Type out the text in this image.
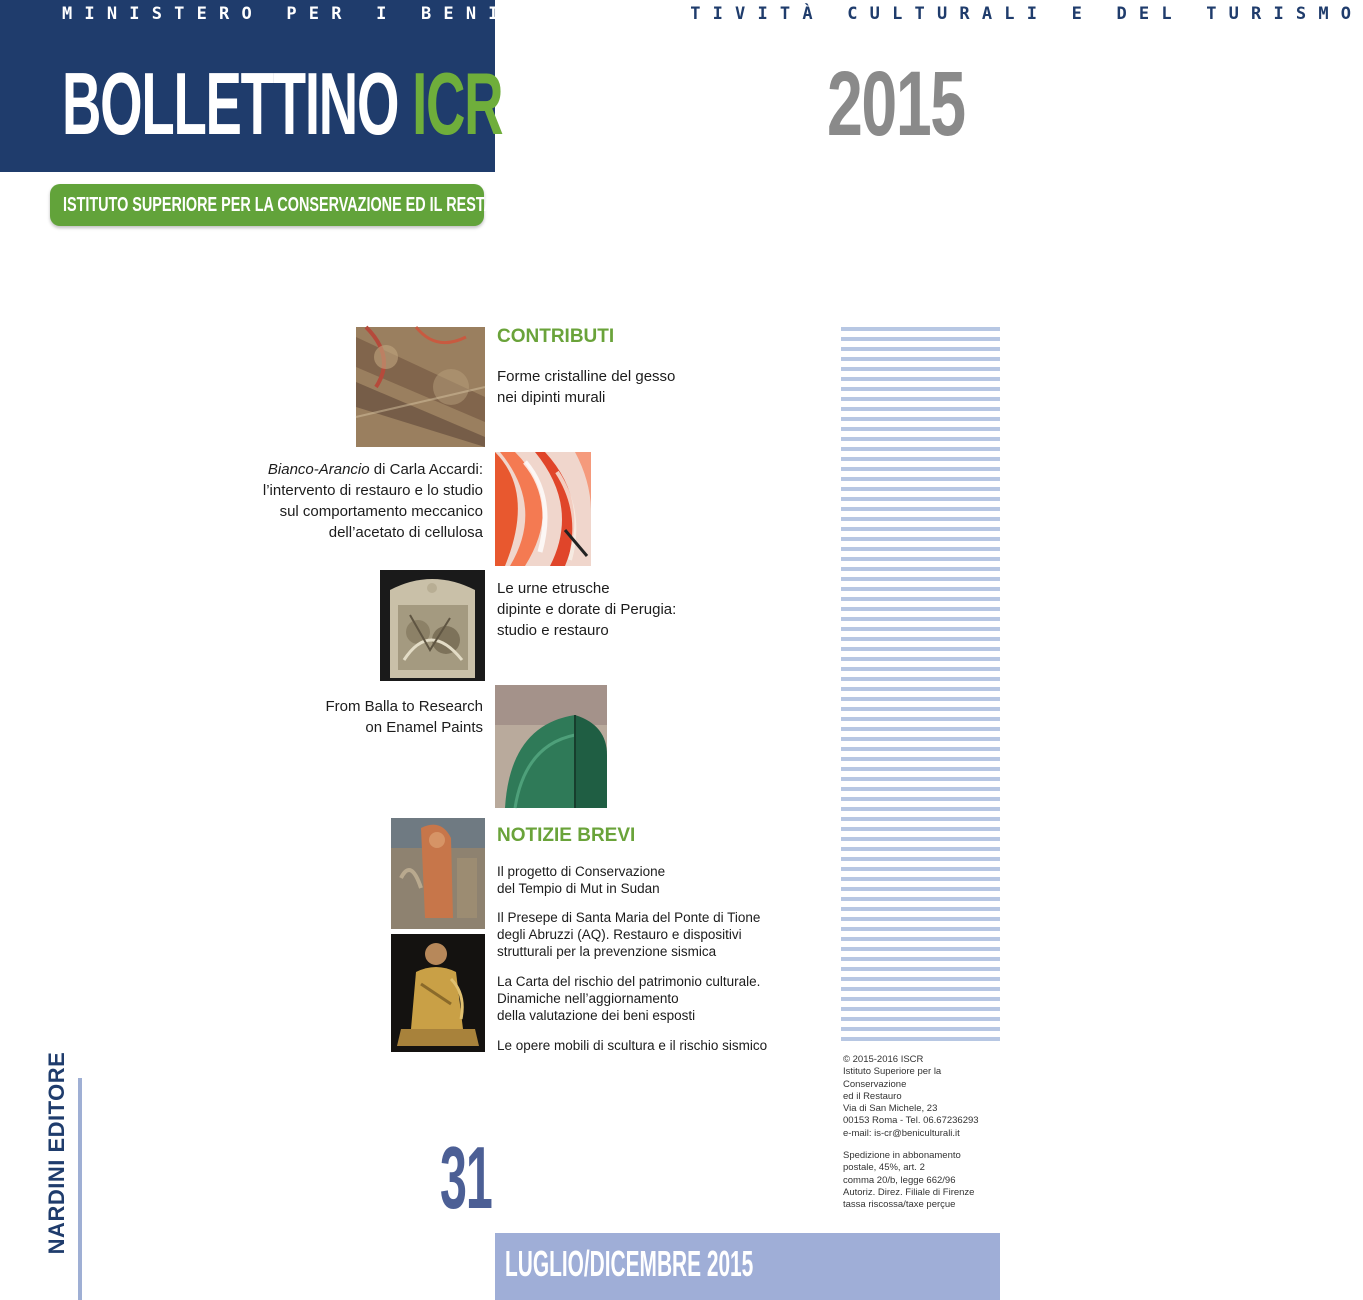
MINISTERO PER I BENI E LE ATTIVITÀ CULTURALI E DEL TURISMO
BOLLETTINO ICR	2015
ISTITUTO SUPERIORE PER LA CONSERVAZIONE ED IL RESTAURO
CONTRIBUTI
Forme cristalline del gesso
nei dipinti murali
Bianco-Arancio di Carla Accardi:
l’intervento di restauro e lo studio
sul comportamento meccanico
dell’acetato di cellulosa
Le urne etrusche
dipinte e dorate di Perugia:
studio e restauro
From Balla to Research
on Enamel Paints
NOTIZIE BREVI
Il progetto di Conservazione
del Tempio di Mut in Sudan
Il Presepe di Santa Maria del Ponte di Tione
degli Abruzzi (AQ). Restauro e dispositivi
strutturali per la prevenzione sismica
La Carta del rischio del patrimonio culturale.
Dinamiche nell’aggiornamento
della valutazione dei beni esposti
Le opere mobili di scultura e il rischio sismico
© 2015-2016 ISCR
Istituto Superiore per la Conservazione
ed il Restauro
Via di San Michele, 23
00153 Roma - Tel. 06.67236293
e-mail: is-cr@beniculturali.it
Spedizione in abbonamento
postale, 45%, art. 2
comma 20/b, legge 662/96
Autoriz. Direz. Filiale di Firenze
tassa riscossa/taxe perçue
NARDINI EDITORE	31
LUGLIO/DICEMBRE 2015
